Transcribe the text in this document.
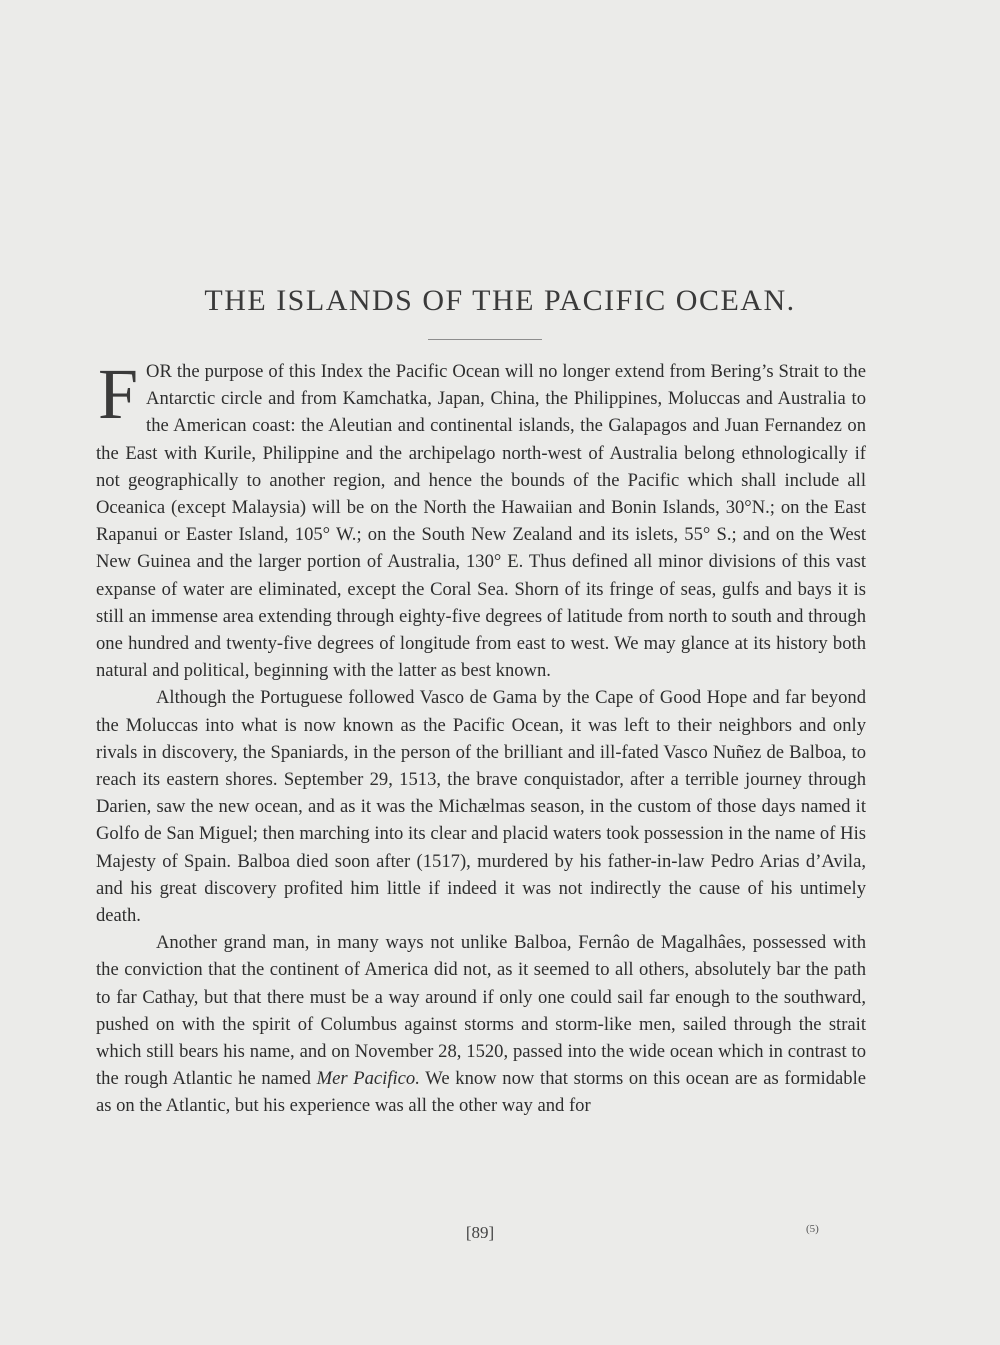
THE ISLANDS OF THE PACIFIC OCEAN.

FOR the purpose of this Index the Pacific Ocean will no longer extend from Bering’s Strait to the Antarctic circle and from Kamchatka, Japan, China, the Philippines, Moluccas and Australia to the American coast: the Aleutian and continental islands, the Galapagos and Juan Fernandez on the East with Kurile, Philippine and the archipelago north-west of Australia belong ethnologically if not geographically to another region, and hence the bounds of the Pacific which shall include all Oceanica (except Malaysia) will be on the North the Hawaiian and Bonin Islands, 30°N.; on the East Rapanui or Easter Island, 105° W.; on the South New Zealand and its islets, 55° S.; and on the West New Guinea and the larger portion of Australia, 130° E. Thus defined all minor divisions of this vast expanse of water are eliminated, except the Coral Sea. Shorn of its fringe of seas, gulfs and bays it is still an immense area extending through eighty-five degrees of latitude from north to south and through one hundred and twenty-five degrees of longitude from east to west. We may glance at its history both natural and political, beginning with the latter as best known.

Although the Portuguese followed Vasco de Gama by the Cape of Good Hope and far beyond the Moluccas into what is now known as the Pacific Ocean, it was left to their neighbors and only rivals in discovery, the Spaniards, in the person of the brilliant and ill-fated Vasco Nuñez de Balboa, to reach its eastern shores. September 29, 1513, the brave conquistador, after a terrible journey through Darien, saw the new ocean, and as it was the Michælmas season, in the custom of those days named it Golfo de San Miguel; then marching into its clear and placid waters took possession in the name of His Majesty of Spain. Balboa died soon after (1517), murdered by his father-in-law Pedro Arias d’Avila, and his great discovery profited him little if indeed it was not indirectly the cause of his untimely death.

Another grand man, in many ways not unlike Balboa, Fernâo de Magalhâes, possessed with the conviction that the continent of America did not, as it seemed to all others, absolutely bar the path to far Cathay, but that there must be a way around if only one could sail far enough to the southward, pushed on with the spirit of Columbus against storms and storm-like men, sailed through the strait which still bears his name, and on November 28, 1520, passed into the wide ocean which in contrast to the rough Atlantic he named Mer Pacifico. We know now that storms on this ocean are as formidable as on the Atlantic, but his experience was all the other way and for

[89]	(5)
